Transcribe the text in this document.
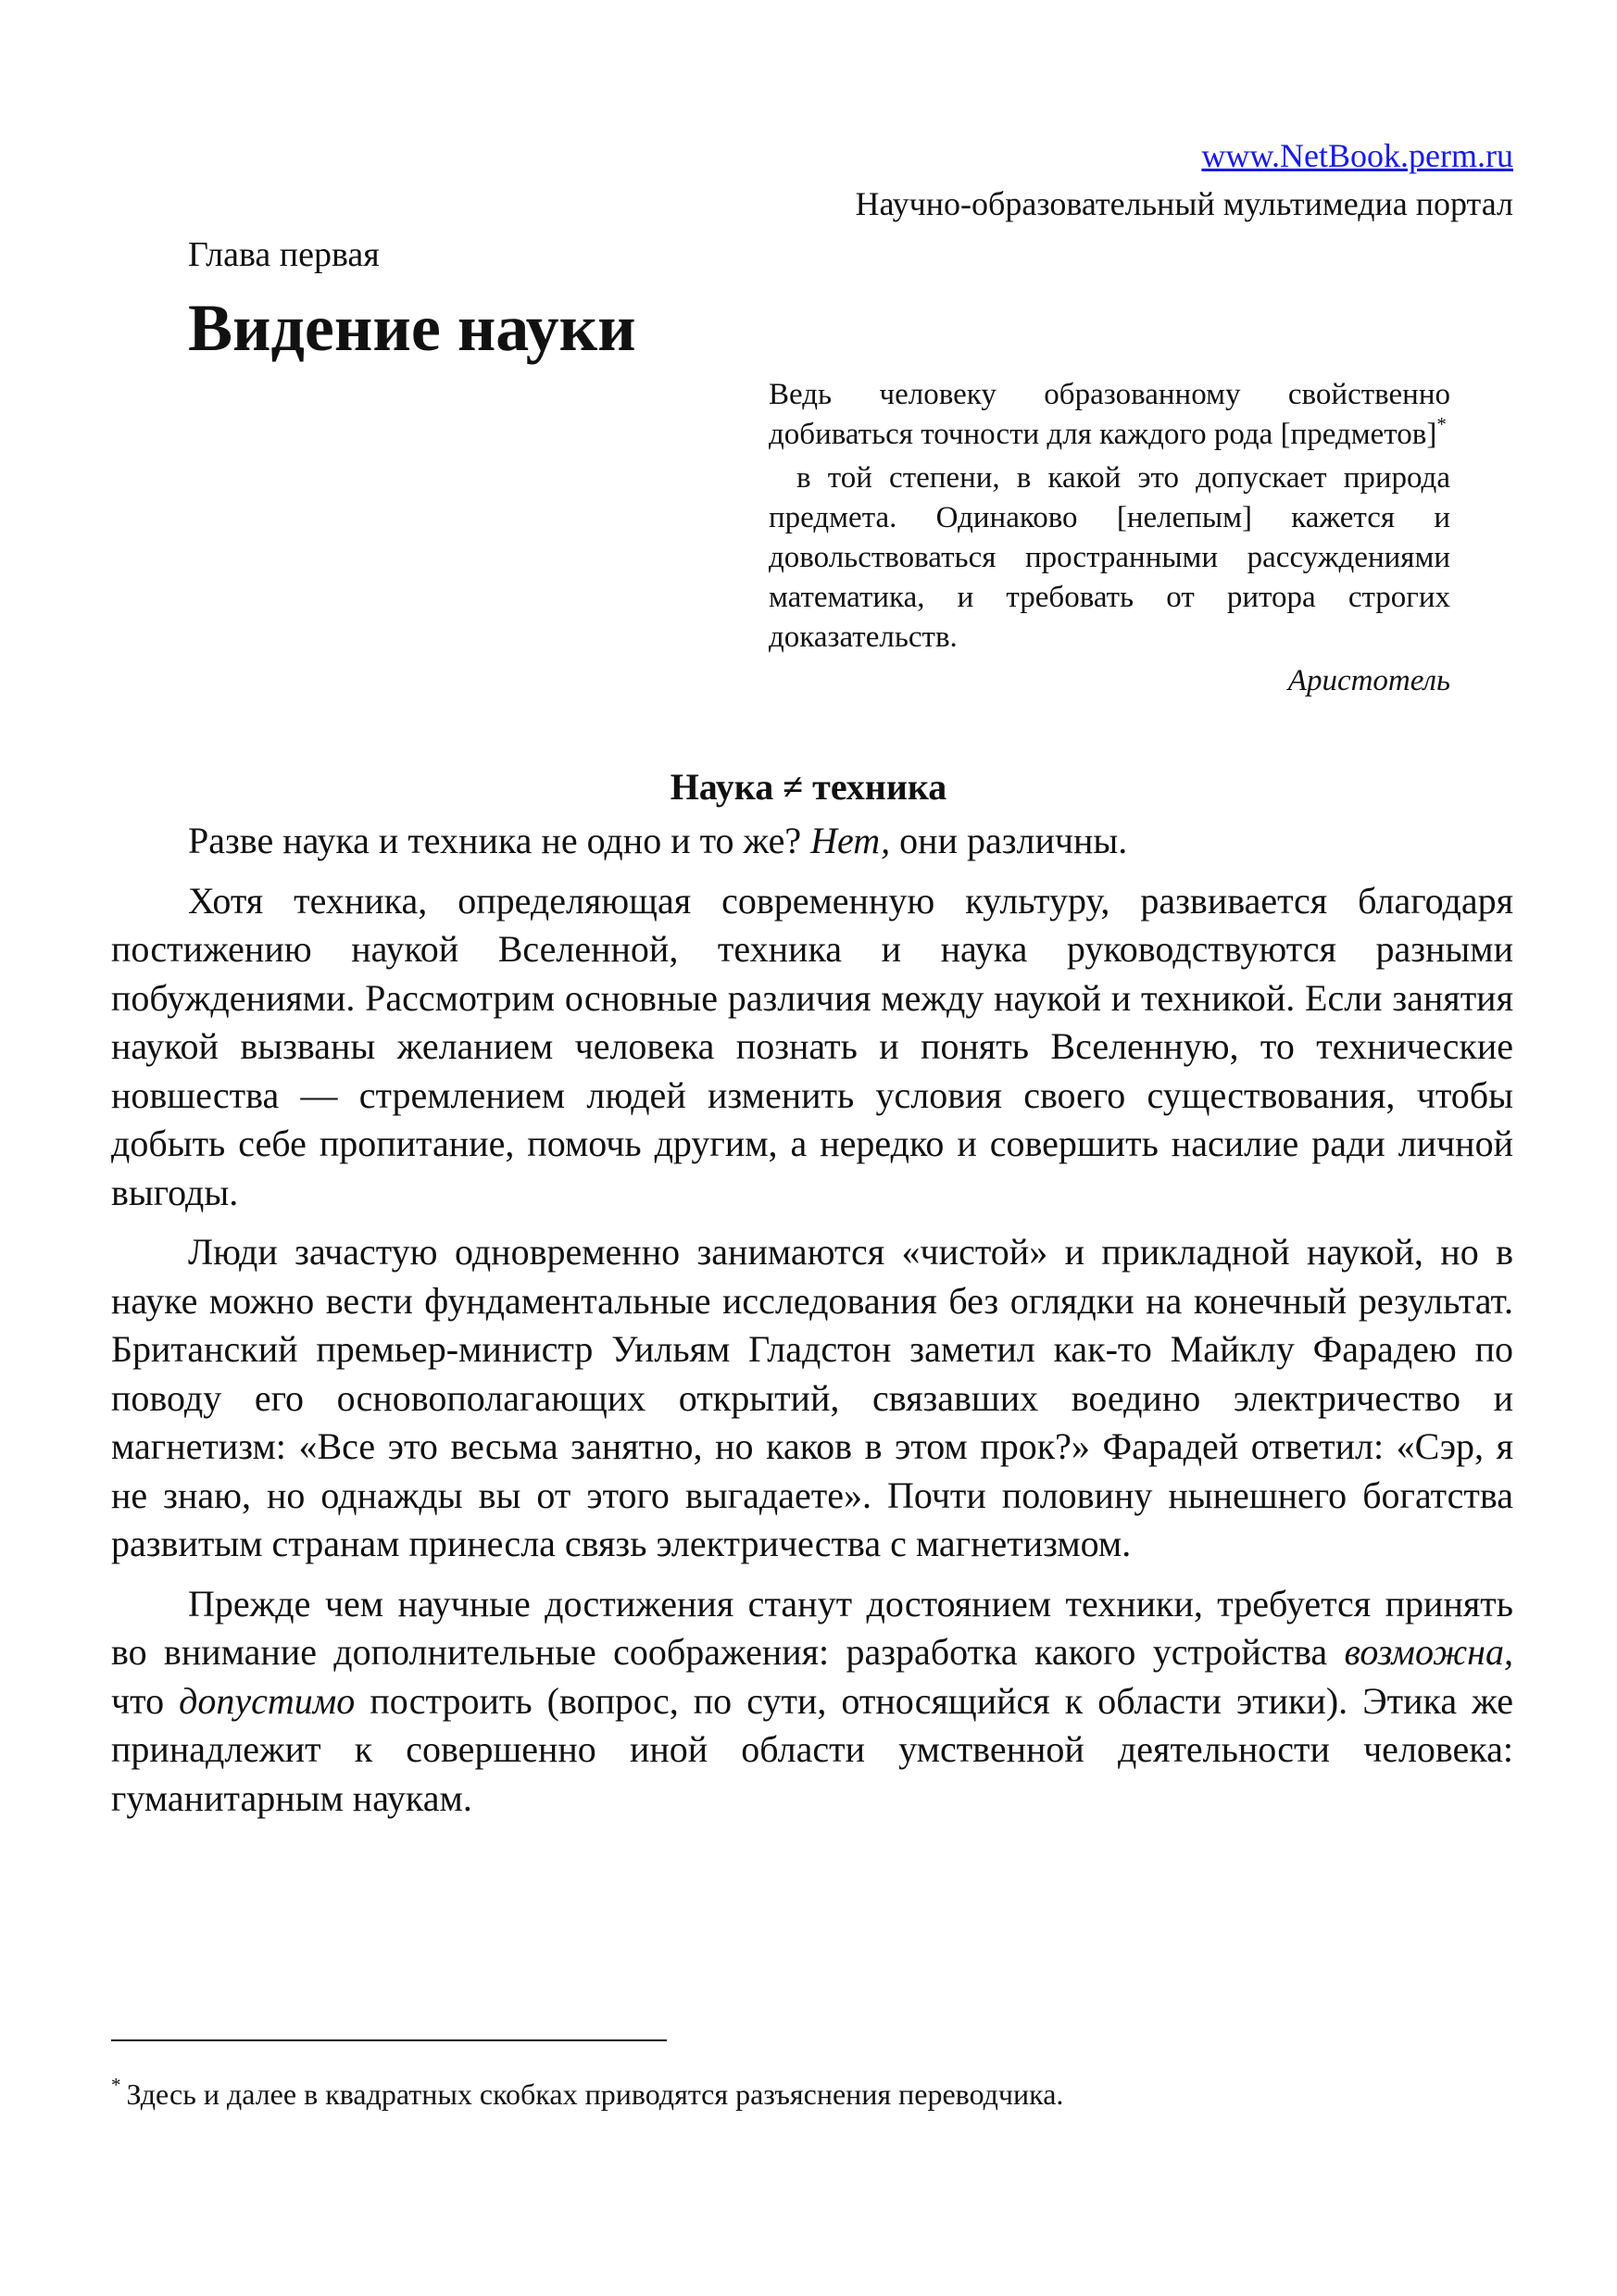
www.NetBook.perm.ru
Научно-образовательный мультимедиа портал
Глава первая
Видение науки

Ведь человеку образованному свойственно добиваться точности для каждого рода [предметов]*

в той степени, в какой это допускает природа предмета. Одинаково [нелепым] кажется и довольствоваться пространными рассуждениями математика, и требовать от ритора строгих доказательств.

Аристотель

Наука ≠ техника

Разве наука и техника не одно и то же? Нет, они различны.

Хотя техника, определяющая современную культуру, развивается благодаря постижению наукой Вселенной, техника и наука руководствуются разными побуждениями. Рассмотрим основные различия между наукой и техникой. Если занятия наукой вызваны желанием человека познать и понять Вселенную, то технические новшества — стремлением людей изменить условия своего существования, чтобы добыть себе пропитание, помочь другим, а нередко и совершить насилие ради личной выгоды.

Люди зачастую одновременно занимаются «чистой» и прикладной наукой, но в науке можно вести фундаментальные исследования без оглядки на конечный результат. Британский премьер-министр Уильям Гладстон заметил как-то Майклу Фарадею по поводу его основополагающих открытий, связавших воедино электричество и магнетизм: «Все это весьма занятно, но каков в этом прок?» Фарадей ответил: «Сэр, я не знаю, но однажды вы от этого выгадаете». Почти половину нынешнего богатства развитым странам принесла связь электричества с магнетизмом.

Прежде чем научные достижения станут достоянием техники, требуется принять во внимание дополнительные соображения: разработка какого устройства возможна, что допустимо построить (вопрос, по сути, относящийся к области этики). Этика же принадлежит к совершенно иной области умственной деятельности человека: гуманитарным наукам.

* Здесь и далее в квадратных скобках приводятся разъяснения переводчика.
